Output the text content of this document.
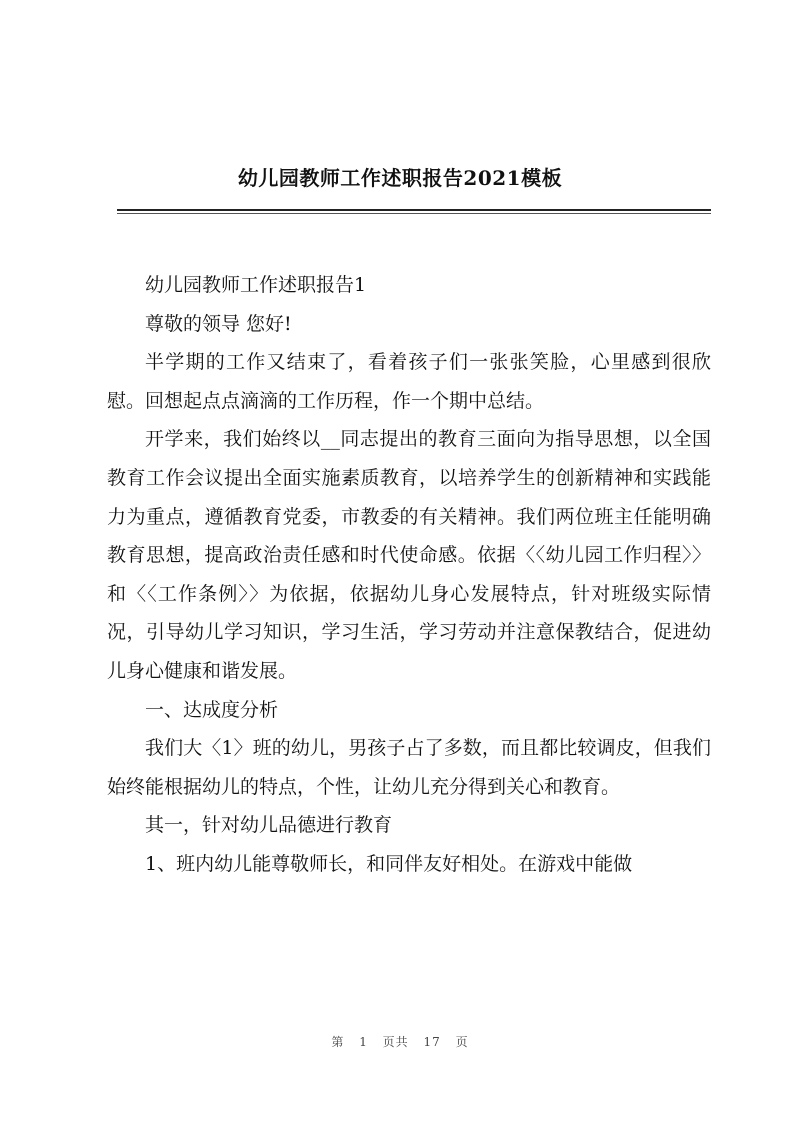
幼儿园教师工作述职报告2021模板

幼儿园教师工作述职报告1

尊敬的领导 您好!

半学期的工作又结束了，看着孩子们一张张笑脸，心里感到很欣慰。回想起点点滴滴的工作历程，作一个期中总结。

开学来，我们始终以__同志提出的教育三面向为指导思想，以全国教育工作会议提出全面实施素质教育，以培养学生的创新精神和实践能力为重点，遵循教育党委，市教委的有关精神。我们两位班主任能明确教育思想，提高政治责任感和时代使命感。依据〈〈幼儿园工作归程〉〉和〈〈工作条例〉〉为依据，依据幼儿身心发展特点，针对班级实际情况，引导幼儿学习知识，学习生活，学习劳动并注意保教结合，促进幼儿身心健康和谐发展。

一、达成度分析

我们大〈1〉班的幼儿，男孩子占了多数，而且都比较调皮，但我们始终能根据幼儿的特点，个性，让幼儿充分得到关心和教育。

其一，针对幼儿品德进行教育

1、班内幼儿能尊敬师长，和同伴友好相处。在游戏中能做

第 1 页共 17 页
